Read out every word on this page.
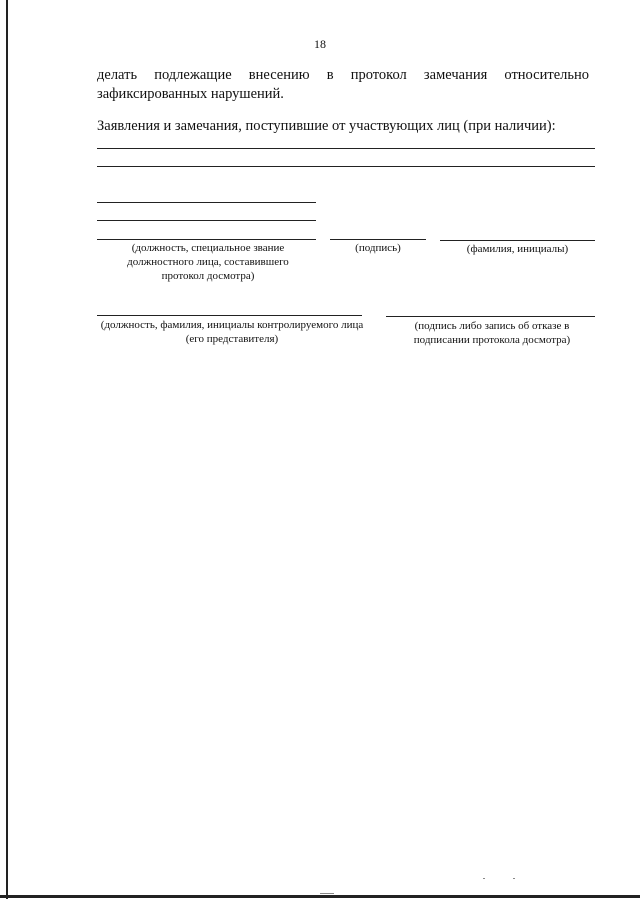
18
делать подлежащие внесению в протокол замечания относительно зафиксированных нарушений.
Заявления и замечания, поступившие от участвующих лиц (при наличии):
(должность, специальное звание должностного лица, составившего протокол досмотра)
(подпись)	(фамилия, инициалы)
(должность, фамилия, инициалы контролируемого лица (его представителя)
(подпись либо запись об отказе в подписании протокола досмотра)
